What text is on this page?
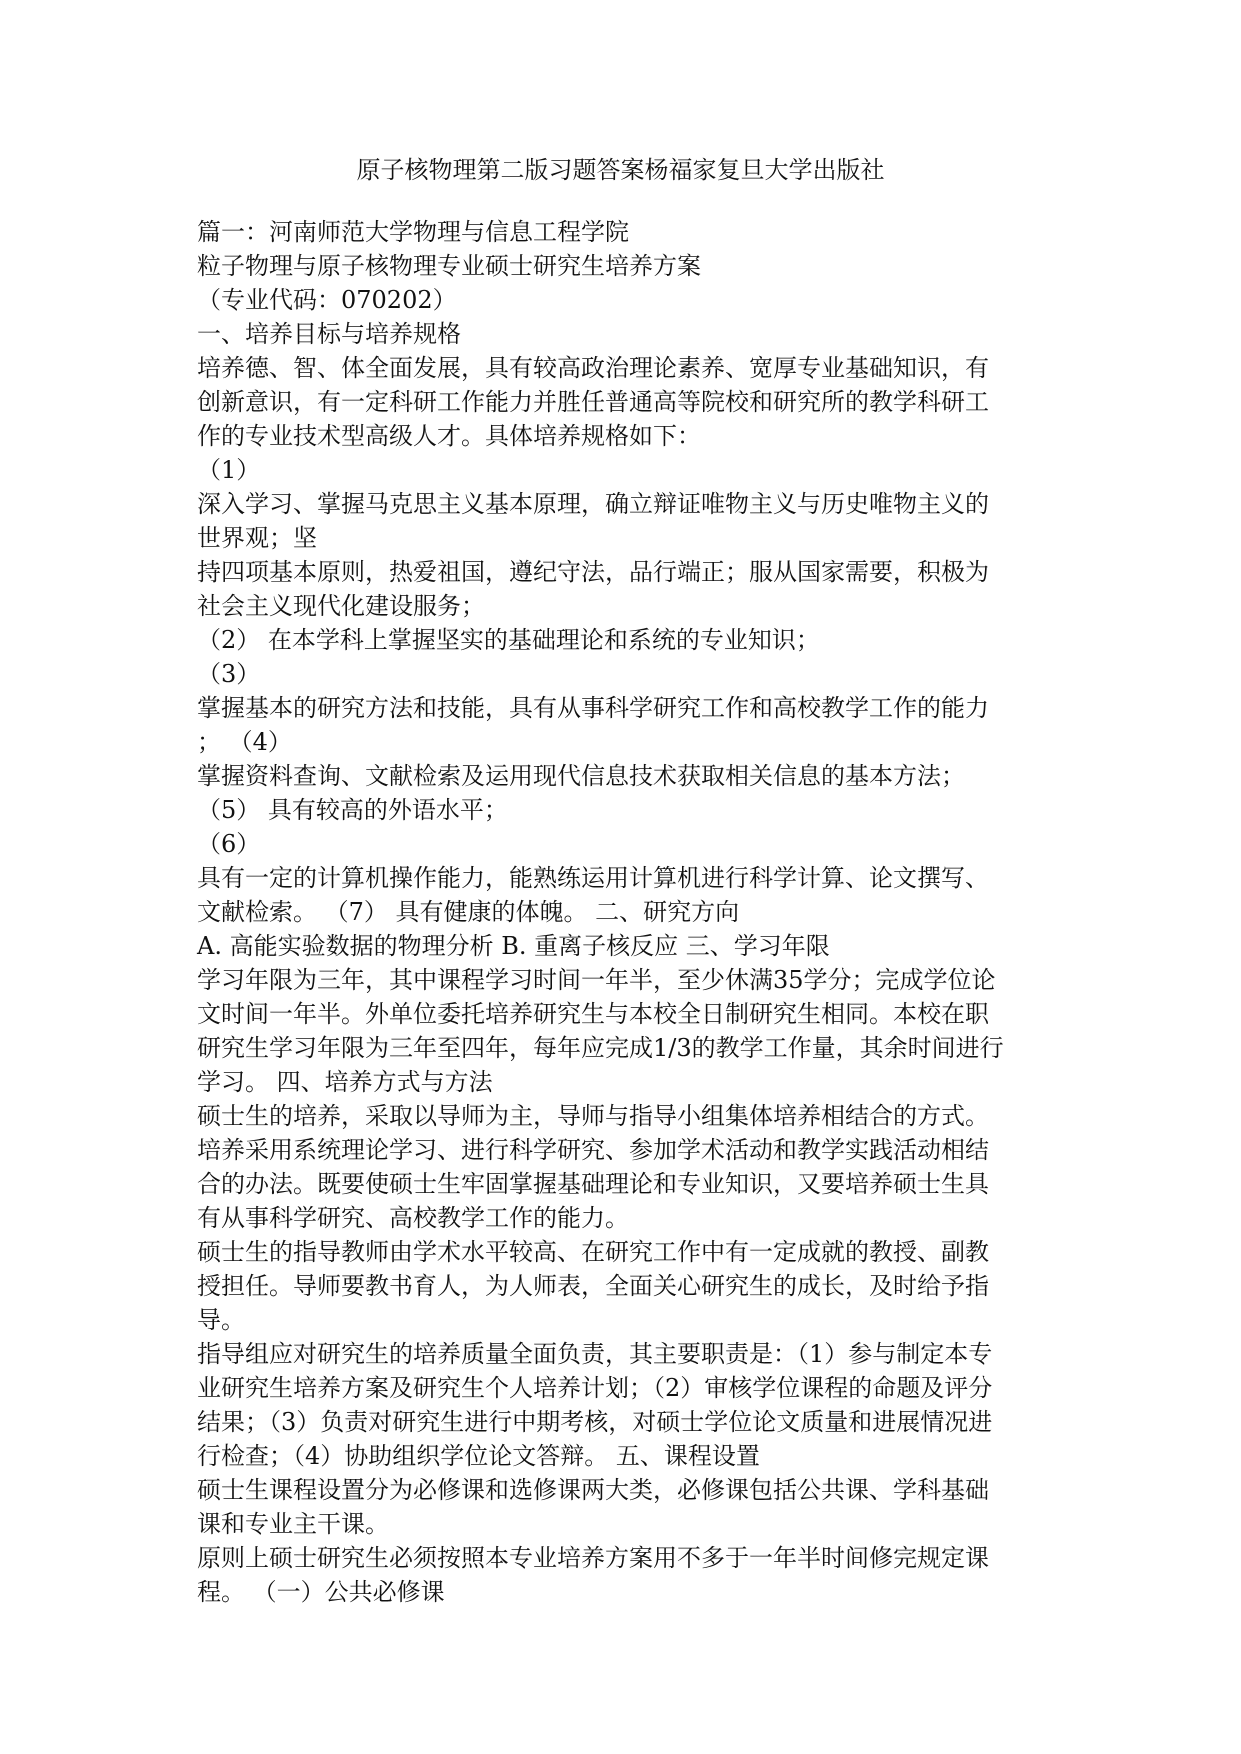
原子核物理第二版习题答案杨福家复旦大学出版社
篇一：河南师范大学物理与信息工程学院
粒子物理与原子核物理专业硕士研究生培养方案
（专业代码：070202）
一、培养目标与培养规格
培养德、智、体全面发展，具有较高政治理论素养、宽厚专业基础知识，有
创新意识，有一定科研工作能力并胜任普通高等院校和研究所的教学科研工
作的专业技术型高级人才。具体培养规格如下：
（1）
深入学习、掌握马克思主义基本原理，确立辩证唯物主义与历史唯物主义的
世界观；坚
持四项基本原则，热爱祖国，遵纪守法，品行端正；服从国家需要，积极为
社会主义现代化建设服务；
（2） 在本学科上掌握坚实的基础理论和系统的专业知识；
（3）
掌握基本的研究方法和技能，具有从事科学研究工作和高校教学工作的能力
； （4）
掌握资料查询、文献检索及运用现代信息技术获取相关信息的基本方法；
（5） 具有较高的外语水平；
（6）
具有一定的计算机操作能力，能熟练运用计算机进行科学计算、论文撰写、
文献检索。 （7） 具有健康的体魄。 二、研究方向
A. 高能实验数据的物理分析 B. 重离子核反应 三、学习年限
学习年限为三年，其中课程学习时间一年半，至少休满35学分；完成学位论
文时间一年半。外单位委托培养研究生与本校全日制研究生相同。本校在职
研究生学习年限为三年至四年，每年应完成1/3的教学工作量，其余时间进行
学习。 四、培养方式与方法
硕士生的培养，采取以导师为主，导师与指导小组集体培养相结合的方式。
培养采用系统理论学习、进行科学研究、参加学术活动和教学实践活动相结
合的办法。既要使硕士生牢固掌握基础理论和专业知识，又要培养硕士生具
有从事科学研究、高校教学工作的能力。
硕士生的指导教师由学术水平较高、在研究工作中有一定成就的教授、副教
授担任。导师要教书育人，为人师表，全面关心研究生的成长，及时给予指
导。
指导组应对研究生的培养质量全面负责，其主要职责是：（1）参与制定本专
业研究生培养方案及研究生个人培养计划；（2）审核学位课程的命题及评分
结果；（3）负责对研究生进行中期考核，对硕士学位论文质量和进展情况进
行检查；（4）协助组织学位论文答辩。 五、课程设置
硕士生课程设置分为必修课和选修课两大类，必修课包括公共课、学科基础
课和专业主干课。
原则上硕士研究生必须按照本专业培养方案用不多于一年半时间修完规定课
程。 （一）公共必修课
